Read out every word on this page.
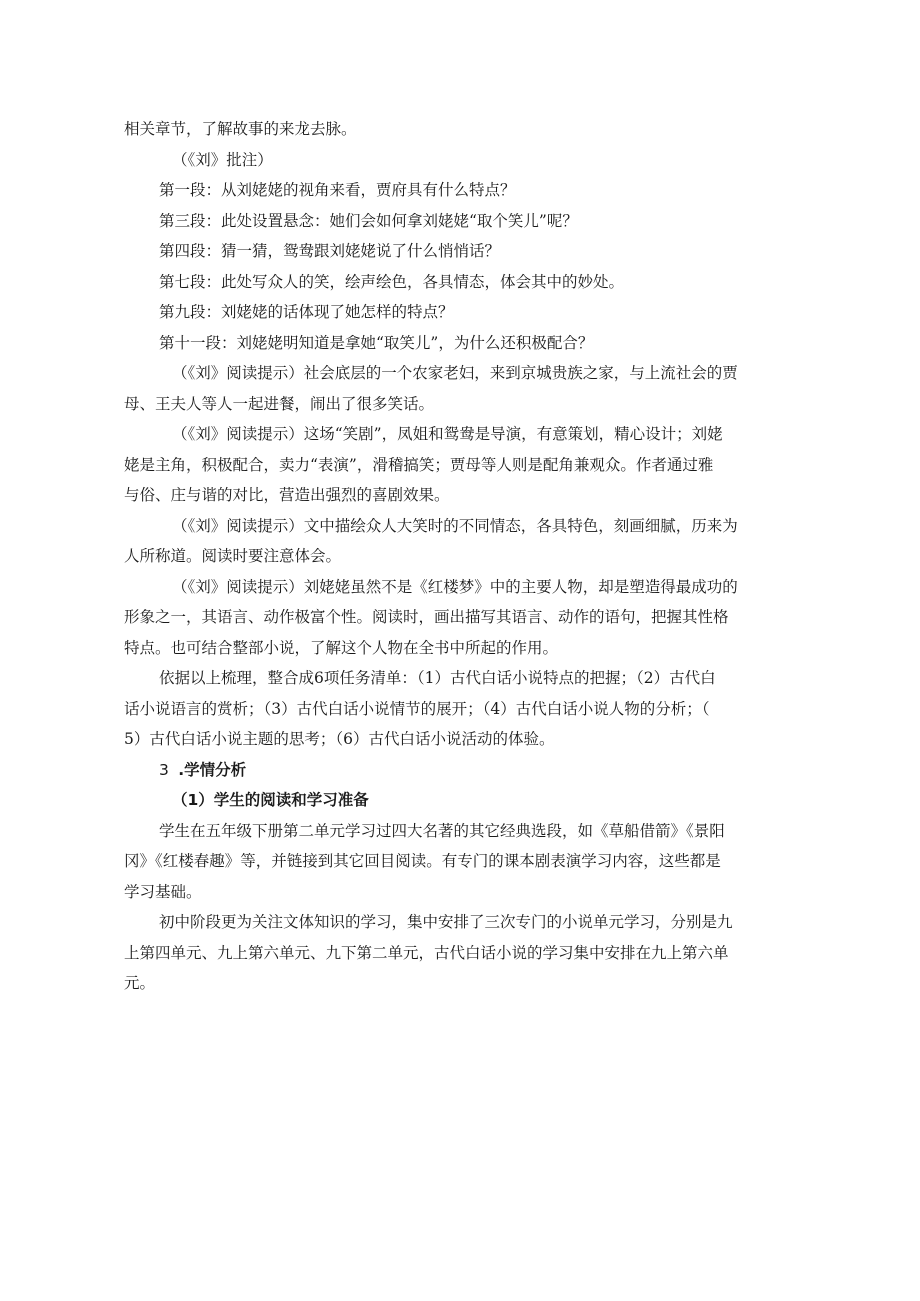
相关章节，了解故事的来龙去脉。
（《刘》批注）
第一段：从刘姥姥的视角来看，贾府具有什么特点？
第三段：此处设置悬念：她们会如何拿刘姥姥“取个笑儿”呢？
第四段：猜一猜，鸳鸯跟刘姥姥说了什么悄悄话？
第七段：此处写众人的笑，绘声绘色，各具情态，体会其中的妙处。
第九段：刘姥姥的话体现了她怎样的特点？
第十一段：刘姥姥明知道是拿她“取笑儿”，为什么还积极配合？
（《刘》阅读提示）社会底层的一个农家老妇，来到京城贵族之家，与上流社会的贾
母、王夫人等人一起进餐，闹出了很多笑话。
（《刘》阅读提示）这场“笑剧”，凤姐和鸳鸯是导演，有意策划，精心设计；刘姥
姥是主角，积极配合，卖力“表演”，滑稽搞笑；贾母等人则是配角兼观众。作者通过雅
与俗、庄与谐的对比，营造出强烈的喜剧效果。
（《刘》阅读提示）文中描绘众人大笑时的不同情态，各具特色，刻画细腻，历来为
人所称道。阅读时要注意体会。
（《刘》阅读提示）刘姥姥虽然不是《红楼梦》中的主要人物，却是塑造得最成功的
形象之一，其语言、动作极富个性。阅读时，画出描写其语言、动作的语句，把握其性格
特点。也可结合整部小说，了解这个人物在全书中所起的作用。
依据以上梳理，整合成6项任务清单：（1）古代白话小说特点的把握；（2）古代白
话小说语言的赏析；（3）古代白话小说情节的展开；（4）古代白话小说人物的分析；（
5）古代白话小说主题的思考；（6）古代白话小说活动的体验。
3 .学情分析
（1）学生的阅读和学习准备
学生在五年级下册第二单元学习过四大名著的其它经典选段，如《草船借箭》《景阳
冈》《红楼春趣》等，并链接到其它回目阅读。有专门的课本剧表演学习内容，这些都是
学习基础。
初中阶段更为关注文体知识的学习，集中安排了三次专门的小说单元学习，分别是九
上第四单元、九上第六单元、九下第二单元，古代白话小说的学习集中安排在九上第六单
元。
